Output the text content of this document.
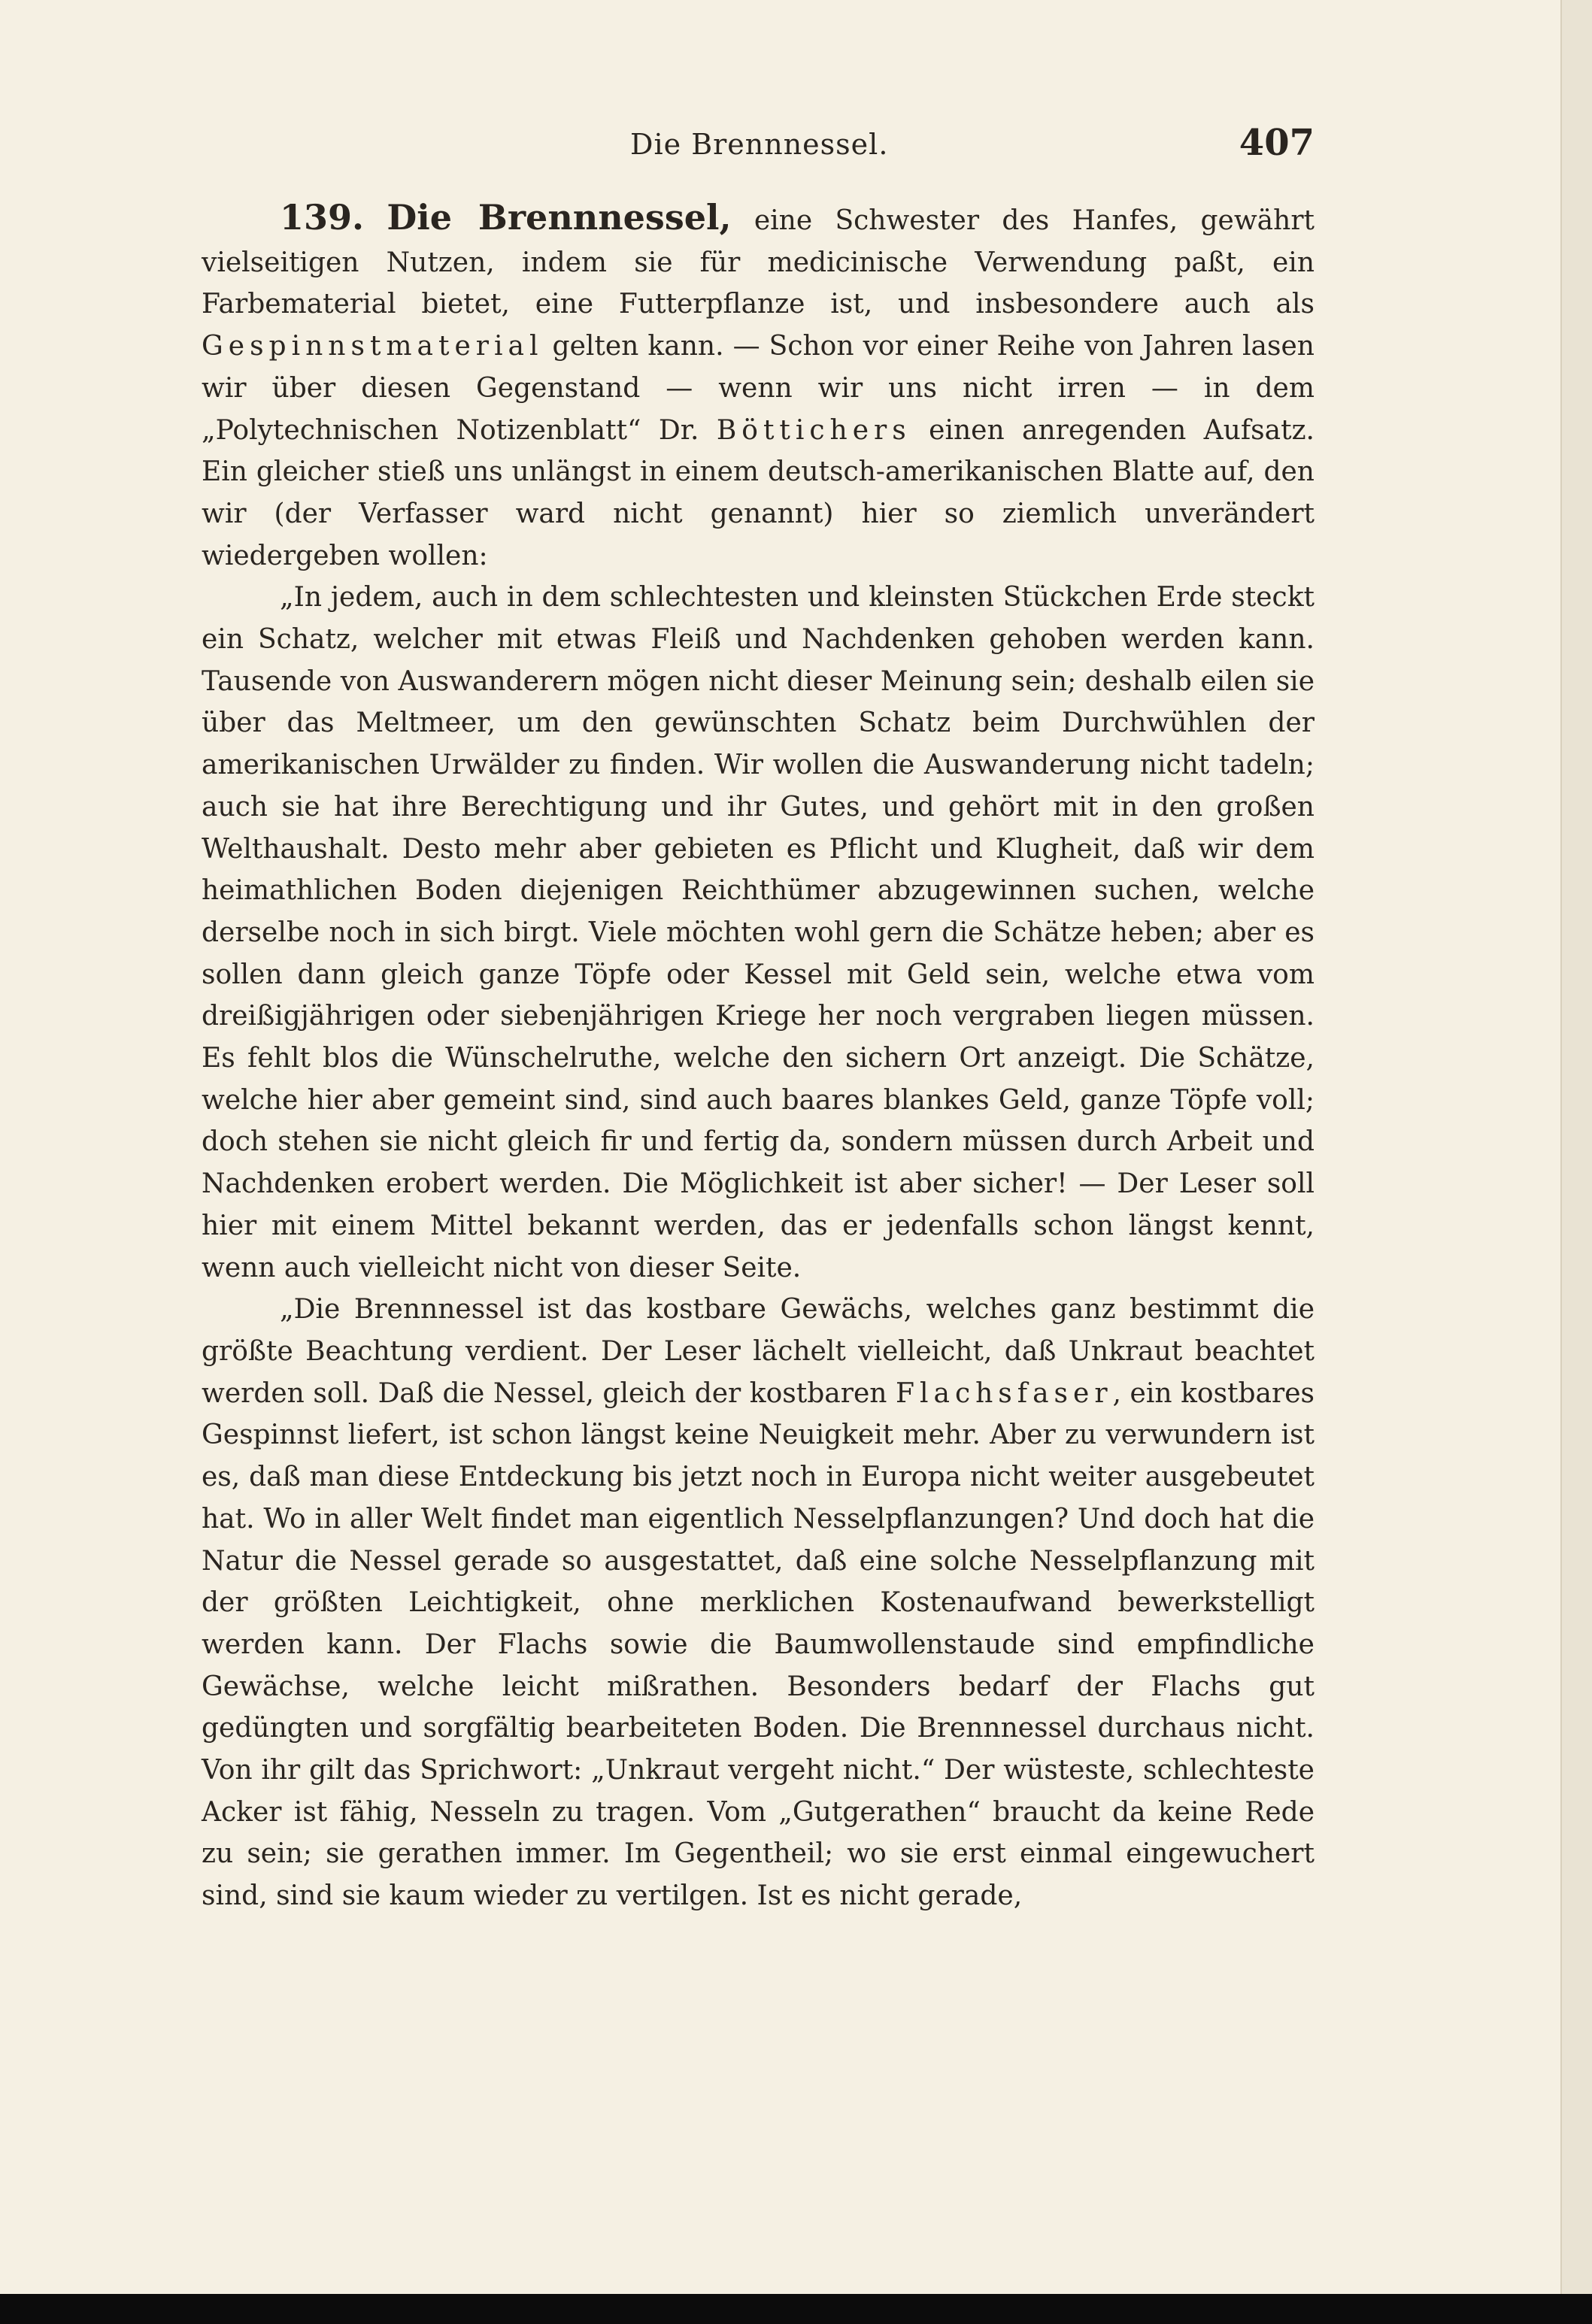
Die Brennnessel.	407

139. Die Brennnessel, eine Schwester des Hanfes, gewährt vielseitigen Nutzen, indem sie für medicinische Verwendung paßt, ein Farbematerial bietet, eine Futterpflanze ist, und insbesondere auch als Gespinnstmaterial gelten kann. — Schon vor einer Reihe von Jahren lasen wir über diesen Gegenstand — wenn wir uns nicht irren — in dem „Polytechnischen Notizenblatt“ Dr. Böttichers einen anregenden Aufsatz. Ein gleicher stieß uns unlängst in einem deutsch-amerikanischen Blatte auf, den wir (der Verfasser ward nicht genannt) hier so ziemlich unverändert wiedergeben wollen:

„In jedem, auch in dem schlechtesten und kleinsten Stückchen Erde steckt ein Schatz, welcher mit etwas Fleiß und Nachdenken gehoben werden kann. Tausende von Auswanderern mögen nicht dieser Meinung sein; deshalb eilen sie über das Meltmeer, um den gewünschten Schatz beim Durchwühlen der amerikanischen Urwälder zu finden. Wir wollen die Auswanderung nicht tadeln; auch sie hat ihre Berechtigung und ihr Gutes, und gehört mit in den großen Welthaushalt. Desto mehr aber gebieten es Pflicht und Klugheit, daß wir dem heimathlichen Boden diejenigen Reichthümer abzugewinnen suchen, welche derselbe noch in sich birgt. Viele möchten wohl gern die Schätze heben; aber es sollen dann gleich ganze Töpfe oder Kessel mit Geld sein, welche etwa vom dreißigjährigen oder siebenjährigen Kriege her noch vergraben liegen müssen. Es fehlt blos die Wünschelruthe, welche den sichern Ort anzeigt. Die Schätze, welche hier aber gemeint sind, sind auch baares blankes Geld, ganze Töpfe voll; doch stehen sie nicht gleich fir und fertig da, sondern müssen durch Arbeit und Nachdenken erobert werden. Die Möglichkeit ist aber sicher! — Der Leser soll hier mit einem Mittel bekannt werden, das er jedenfalls schon längst kennt, wenn auch vielleicht nicht von dieser Seite.

„Die Brennnessel ist das kostbare Gewächs, welches ganz bestimmt die größte Beachtung verdient. Der Leser lächelt vielleicht, daß Unkraut beachtet werden soll. Daß die Nessel, gleich der kostbaren Flachsfaser, ein kostbares Gespinnst liefert, ist schon längst keine Neuigkeit mehr. Aber zu verwundern ist es, daß man diese Entdeckung bis jetzt noch in Europa nicht weiter ausgebeutet hat. Wo in aller Welt findet man eigentlich Nesselpflanzungen? Und doch hat die Natur die Nessel gerade so ausgestattet, daß eine solche Nesselpflanzung mit der größten Leichtigkeit, ohne merklichen Kostenaufwand bewerkstelligt werden kann. Der Flachs sowie die Baumwollenstaude sind empfindliche Gewächse, welche leicht mißrathen. Besonders bedarf der Flachs gut gedüngten und sorgfältig bearbeiteten Boden. Die Brennnessel durchaus nicht. Von ihr gilt das Sprichwort: „Unkraut vergeht nicht.“ Der wüsteste, schlechteste Acker ist fähig, Nesseln zu tragen. Vom „Gutgerathen“ braucht da keine Rede zu sein; sie gerathen immer. Im Gegentheil; wo sie erst einmal eingewuchert sind, sind sie kaum wieder zu vertilgen. Ist es nicht gerade,
